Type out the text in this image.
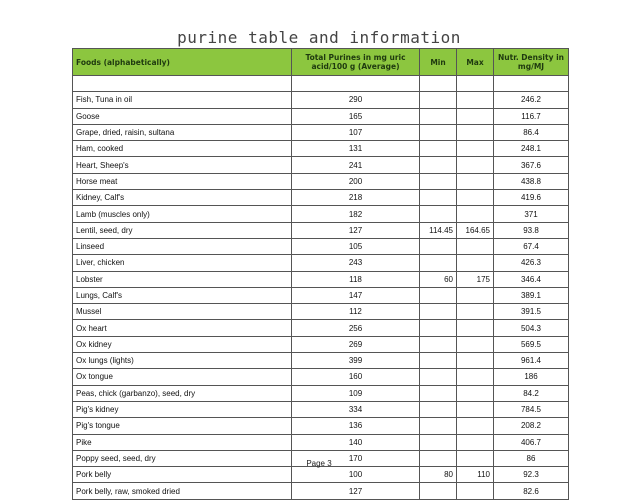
purine table and information
Foods (alphabetically)	Total Purines in mg uric acid/100 g (Average)	Min	Max	Nutr. Density in mg/MJ

Fish, Tuna in oil	290			246.2
Goose	165			116.7
Grape, dried, raisin, sultana	107			86.4
Ham, cooked	131			248.1
Heart, Sheep's	241			367.6
Horse meat	200			438.8
Kidney, Calf's	218			419.6
Lamb (muscles only)	182			371
Lentil, seed, dry	127	114.45	164.65	93.8
Linseed	105			67.4
Liver, chicken	243			426.3
Lobster	118	60	175	346.4
Lungs, Calf's	147			389.1
Mussel	112			391.5
Ox heart	256			504.3
Ox kidney	269			569.5
Ox lungs (lights)	399			961.4
Ox tongue	160			186
Peas, chick (garbanzo), seed, dry	109			84.2
Pig's kidney	334			784.5
Pig's tongue	136			208.2
Pike	140			406.7
Poppy seed, seed, dry	170			86
Pork belly	100	80	110	92.3
Pork belly, raw, smoked dried	127			82.6
Page 3
